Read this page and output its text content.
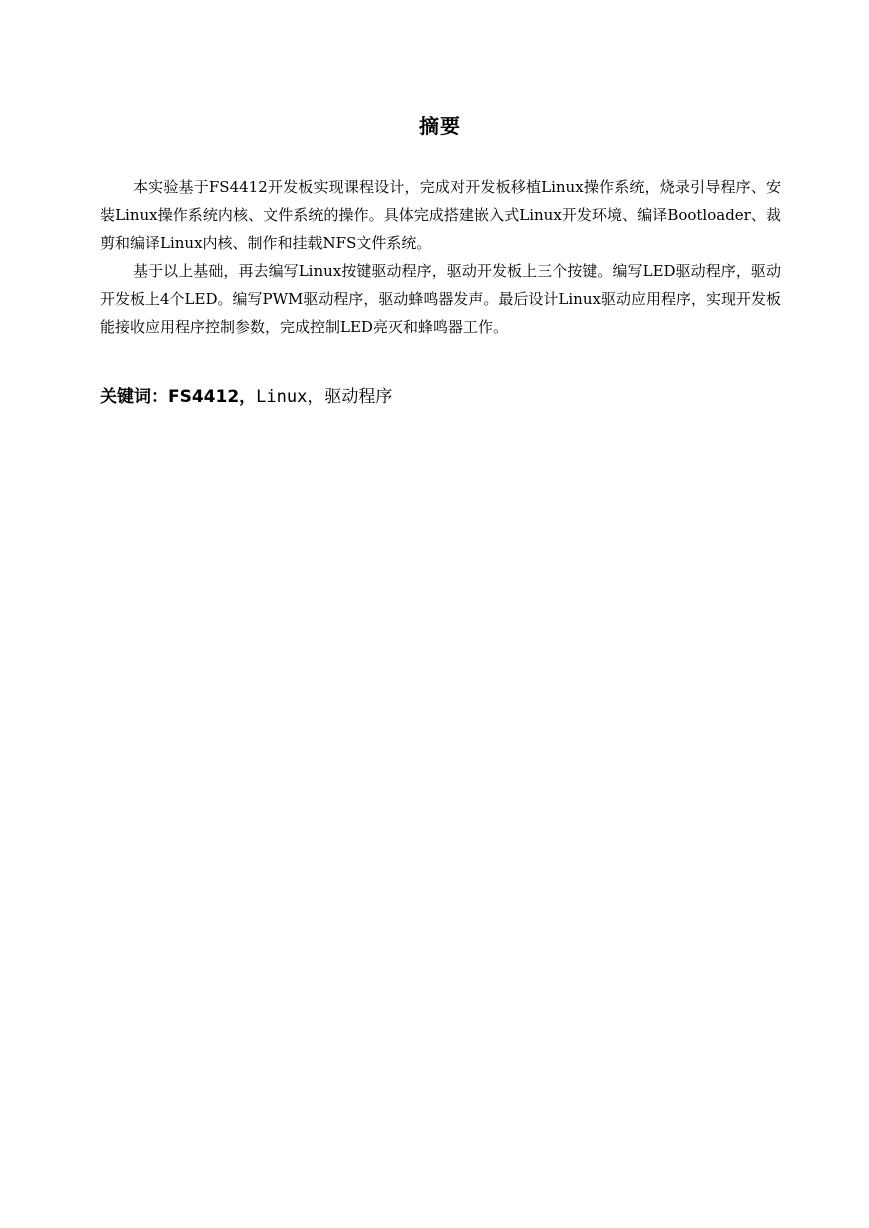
摘要

本实验基于FS4412开发板实现课程设计，完成对开发板移植Linux操作系统，烧录引导程序、安装Linux操作系统内核、文件系统的操作。具体完成搭建嵌入式Linux开发环境、编译Bootloader、裁剪和编译Linux内核、制作和挂载NFS文件系统。

基于以上基础，再去编写Linux按键驱动程序，驱动开发板上三个按键。编写LED驱动程序，驱动开发板上4个LED。编写PWM驱动程序，驱动蜂鸣器发声。最后设计Linux驱动应用程序，实现开发板能接收应用程序控制参数，完成控制LED亮灭和蜂鸣器工作。

关键词：FS4412，Linux，驱动程序
